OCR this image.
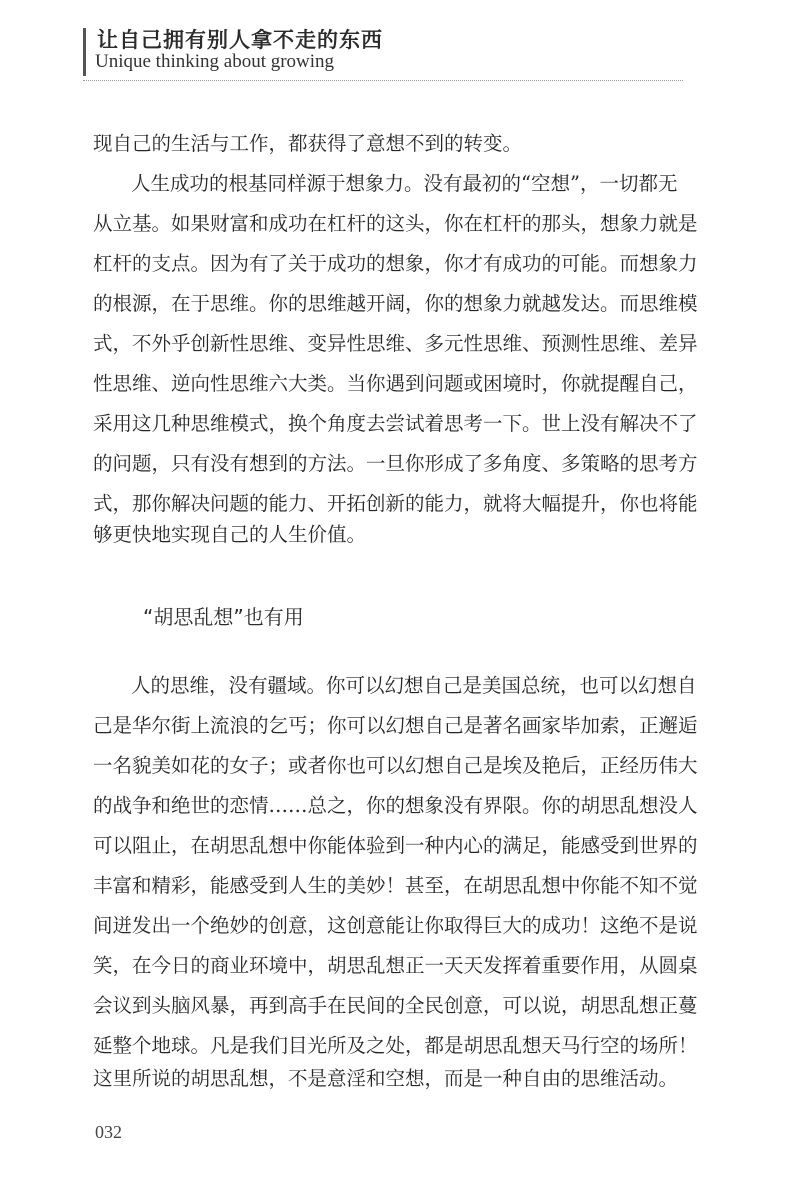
让自己拥有别人拿不走的东西
Unique thinking about growing
现自己的生活与工作，都获得了意想不到的转变。
人生成功的根基同样源于想象力。没有最初的“空想”，一切都无
从立基。如果财富和成功在杠杆的这头，你在杠杆的那头，想象力就是
杠杆的支点。因为有了关于成功的想象，你才有成功的可能。而想象力
的根源，在于思维。你的思维越开阔，你的想象力就越发达。而思维模
式，不外乎创新性思维、变异性思维、多元性思维、预测性思维、差异
性思维、逆向性思维六大类。当你遇到问题或困境时，你就提醒自己，
采用这几种思维模式，换个角度去尝试着思考一下。世上没有解决不了
的问题，只有没有想到的方法。一旦你形成了多角度、多策略的思考方
式，那你解决问题的能力、开拓创新的能力，就将大幅提升，你也将能
够更快地实现自己的人生价值。
“胡思乱想”也有用
人的思维，没有疆域。你可以幻想自己是美国总统，也可以幻想自
己是华尔街上流浪的乞丐；你可以幻想自己是著名画家毕加索，正邂逅
一名貌美如花的女子；或者你也可以幻想自己是埃及艳后，正经历伟大
的战争和绝世的恋情……总之，你的想象没有界限。你的胡思乱想没人
可以阻止，在胡思乱想中你能体验到一种内心的满足，能感受到世界的
丰富和精彩，能感受到人生的美妙！甚至，在胡思乱想中你能不知不觉
间迸发出一个绝妙的创意，这创意能让你取得巨大的成功！这绝不是说
笑，在今日的商业环境中，胡思乱想正一天天发挥着重要作用，从圆桌
会议到头脑风暴，再到高手在民间的全民创意，可以说，胡思乱想正蔓
延整个地球。凡是我们目光所及之处，都是胡思乱想天马行空的场所！
这里所说的胡思乱想，不是意淫和空想，而是一种自由的思维活动。
032
